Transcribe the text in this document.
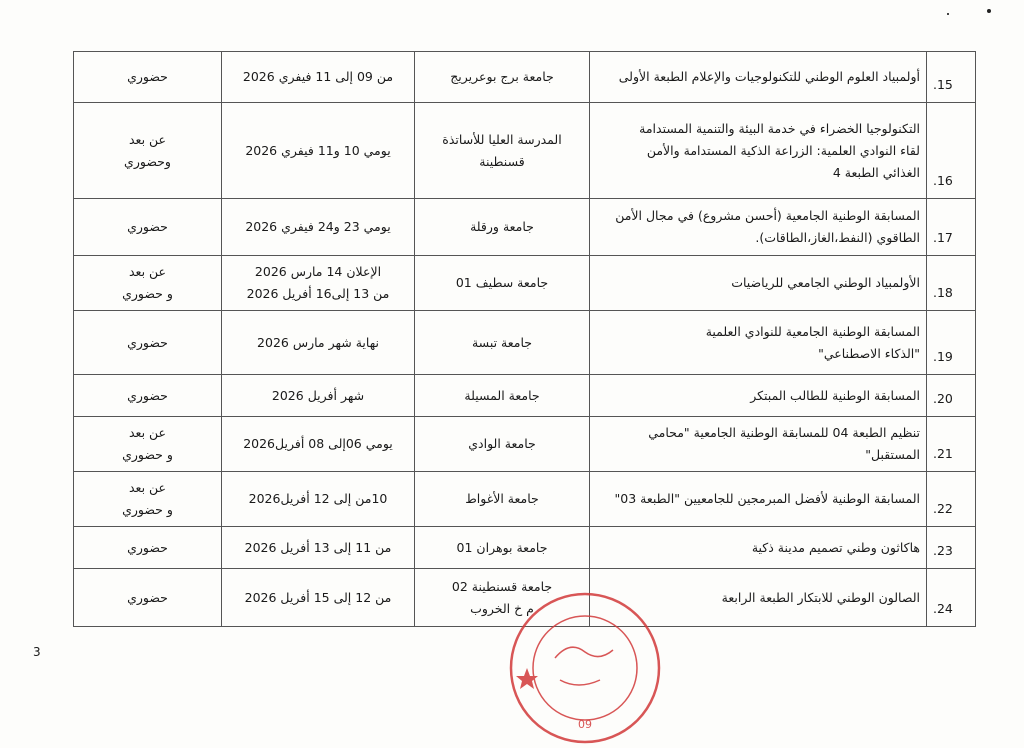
.15	أولمبياد العلوم الوطني للتكنولوجيات والإعلام الطبعة الأولى	جامعة برج بوعريريج	من 09 إلى 11 فيفري 2026	حضوري

.16	التكنولوجيا الخضراء في خدمة البيئة والتنمية المستدامة
لقاء النوادي العلمية: الزراعة الذكية المستدامة والأمن
الغذائي الطبعة 4	المدرسة العليا للأساتذة
قسنطينة	يومي 10 و11 فيفري 2026	عن بعد
وحضوري

.17	المسابقة الوطنية الجامعية (أحسن مشروع) في مجال الأمن
الطاقوي (النفط،الغاز،الطاقات).	جامعة ورقلة	يومي 23 و24 فيفري 2026	حضوري

.18	الأولمبياد الوطني الجامعي للرياضيات	جامعة سطيف 01	الإعلان 14 مارس 2026
من 13 إلى16 أفريل 2026	عن بعد
و حضوري

.19	المسابقة الوطنية الجامعية للنوادي العلمية
"الذكاء الاصطناعي"	جامعة تبسة	نهاية شهر مارس 2026	حضوري

.20	المسابقة الوطنية للطالب المبتكر	جامعة المسيلة	شهر أفريل 2026	حضوري

.21	تنظيم الطبعة 04 للمسابقة الوطنية الجامعية "محامي
المستقبل"	جامعة الوادي	يومي 06إلى 08 أفريل2026	عن بعد
و حضوري

.22	المسابقة الوطنية لأفضل المبرمجين للجامعيين "الطبعة 03"	جامعة الأغواط	10من إلى 12 أفريل2026	عن بعد
و حضوري

.23	هاكاثون وطني تصميم مدينة ذكية	جامعة بوهران 01	من 11 إلى 13 أفريل 2026	حضوري

.24	الصالون الوطني للابتكار الطبعة الرابعة	جامعة قسنطينة 02
م خ الخروب	من 12 إلى 15 أفريل 2026	حضوري
3
09
